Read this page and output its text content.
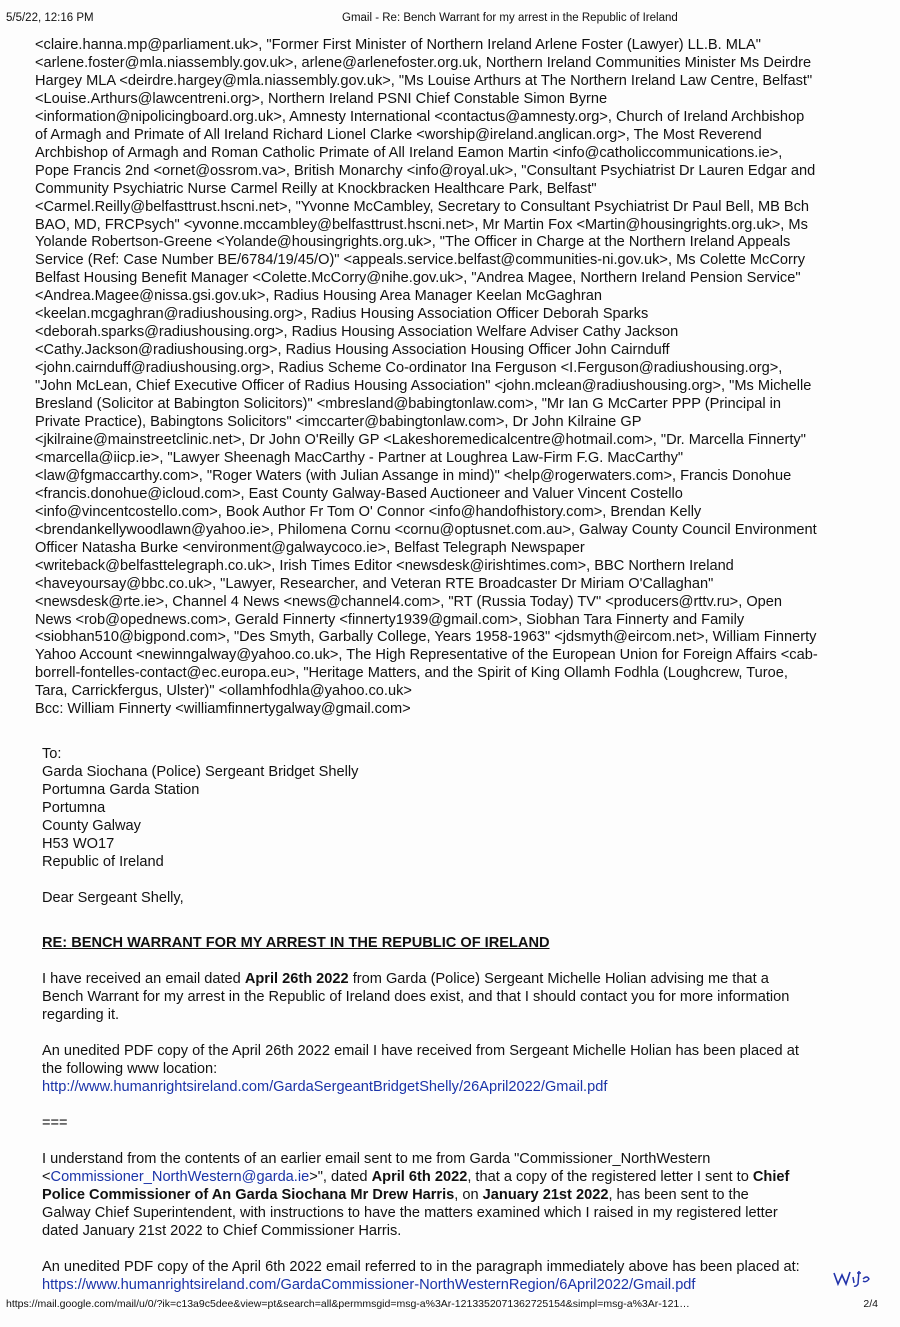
5/5/22, 12:16 PM	Gmail - Re: Bench Warrant for my arrest in the Republic of Ireland

<claire.hanna.mp@parliament.uk>, "Former First Minister of Northern Ireland Arlene Foster (Lawyer) LL.B. MLA"

<arlene.foster@mla.niassembly.gov.uk>, arlene@arlenefoster.org.uk, Northern Ireland Communities Minister Ms Deirdre

Hargey MLA <deirdre.hargey@mla.niassembly.gov.uk>, "Ms Louise Arthurs at The Northern Ireland Law Centre, Belfast"

<Louise.Arthurs@lawcentreni.org>, Northern Ireland PSNI Chief Constable Simon Byrne

<information@nipolicingboard.org.uk>, Amnesty International <contactus@amnesty.org>, Church of Ireland Archbishop

of Armagh and Primate of All Ireland Richard Lionel Clarke <worship@ireland.anglican.org>, The Most Reverend

Archbishop of Armagh and Roman Catholic Primate of All Ireland Eamon Martin <info@catholiccommunications.ie>,

Pope Francis 2nd <ornet@ossrom.va>, British Monarchy <info@royal.uk>, "Consultant Psychiatrist Dr Lauren Edgar and

Community Psychiatric Nurse Carmel Reilly at Knockbracken Healthcare Park, Belfast"

<Carmel.Reilly@belfasttrust.hscni.net>, "Yvonne McCambley, Secretary to Consultant Psychiatrist Dr Paul Bell, MB Bch

BAO, MD, FRCPsych" <yvonne.mccambley@belfasttrust.hscni.net>, Mr Martin Fox <Martin@housingrights.org.uk>, Ms

Yolande Robertson-Greene <Yolande@housingrights.org.uk>, "The Officer in Charge at the Northern Ireland Appeals

Service (Ref: Case Number BE/6784/19/45/O)" <appeals.service.belfast@communities-ni.gov.uk>, Ms Colette McCorry

Belfast Housing Benefit Manager <Colette.McCorry@nihe.gov.uk>, "Andrea Magee, Northern Ireland Pension Service"

<Andrea.Magee@nissa.gsi.gov.uk>, Radius Housing Area Manager Keelan McGaghran

<keelan.mcgaghran@radiushousing.org>, Radius Housing Association Officer Deborah Sparks

<deborah.sparks@radiushousing.org>, Radius Housing Association Welfare Adviser Cathy Jackson

<Cathy.Jackson@radiushousing.org>, Radius Housing Association Housing Officer John Cairnduff

<john.cairnduff@radiushousing.org>, Radius Scheme Co-ordinator Ina Ferguson <I.Ferguson@radiushousing.org>,

"John McLean, Chief Executive Officer of Radius Housing Association" <john.mclean@radiushousing.org>, "Ms Michelle

Bresland (Solicitor at Babington Solicitors)" <mbresland@babingtonlaw.com>, "Mr Ian G McCarter PPP (Principal in

Private Practice), Babingtons Solicitors" <imccarter@babingtonlaw.com>, Dr John Kilraine GP

<jkilraine@mainstreetclinic.net>, Dr John O'Reilly GP <Lakeshoremedicalcentre@hotmail.com>, "Dr. Marcella Finnerty"

<marcella@iicp.ie>, "Lawyer Sheenagh MacCarthy - Partner at Loughrea Law-Firm F.G. MacCarthy"

<law@fgmaccarthy.com>, "Roger Waters (with Julian Assange in mind)" <help@rogerwaters.com>, Francis Donohue

<francis.donohue@icloud.com>, East County Galway-Based Auctioneer and Valuer Vincent Costello

<info@vincentcostello.com>, Book Author Fr Tom O' Connor <info@handofhistory.com>, Brendan Kelly

<brendankellywoodlawn@yahoo.ie>, Philomena Cornu <cornu@optusnet.com.au>, Galway County Council Environment

Officer Natasha Burke <environment@galwaycoco.ie>, Belfast Telegraph Newspaper

<writeback@belfasttelegraph.co.uk>, Irish Times Editor <newsdesk@irishtimes.com>, BBC Northern Ireland

<haveyoursay@bbc.co.uk>, "Lawyer, Researcher, and Veteran RTE Broadcaster Dr Miriam O'Callaghan"

<newsdesk@rte.ie>, Channel 4 News <news@channel4.com>, "RT (Russia Today) TV" <producers@rttv.ru>, Open

News <rob@opednews.com>, Gerald Finnerty <finnerty1939@gmail.com>, Siobhan Tara Finnerty and Family

<siobhan510@bigpond.com>, "Des Smyth, Garbally College, Years 1958-1963" <jdsmyth@eircom.net>, William Finnerty

Yahoo Account <newinngalway@yahoo.co.uk>, The High Representative of the European Union for Foreign Affairs <cab-

borrell-fontelles-contact@ec.europa.eu>, "Heritage Matters, and the Spirit of King Ollamh Fodhla (Loughcrew, Turoe,

Tara, Carrickfergus, Ulster)" <ollamhfodhla@yahoo.co.uk>

Bcc: William Finnerty <williamfinnertygalway@gmail.com>

To:

Garda Siochana (Police) Sergeant Bridget Shelly

Portumna Garda Station

Portumna

County Galway

H53 WO17

Republic of Ireland

Dear Sergeant Shelly,

RE: BENCH WARRANT FOR MY ARREST IN THE REPUBLIC OF IRELAND

I have received an email dated April 26th 2022 from Garda (Police) Sergeant Michelle Holian advising me that a

Bench Warrant for my arrest in the Republic of Ireland does exist, and that I should contact you for more information

regarding it.

An unedited PDF copy of the April 26th 2022 email I have received from Sergeant Michelle Holian has been placed at

the following www location:

http://www.humanrightsireland.com/GardaSergeantBridgetShelly/26April2022/Gmail.pdf

===

I understand from the contents of an earlier email sent to me from Garda "Commissioner_NorthWestern

<Commissioner_NorthWestern@garda.ie>", dated April 6th 2022, that a copy of the registered letter I sent to Chief

Police Commissioner of An Garda Siochana Mr Drew Harris, on January 21st 2022, has been sent to the

Galway Chief Superintendent, with instructions to have the matters examined which I raised in my registered letter

dated January 21st 2022 to Chief Commissioner Harris.

An unedited PDF copy of the April 6th 2022 email referred to in the paragraph immediately above has been placed at:

https://www.humanrightsireland.com/GardaCommissioner-NorthWesternRegion/6April2022/Gmail.pdf

https://mail.google.com/mail/u/0/?ik=c13a9c5dee&view=pt&search=all&permmsgid=msg-a%3Ar-1213352071362725154&simpl=msg-a%3Ar-121…	2/4
